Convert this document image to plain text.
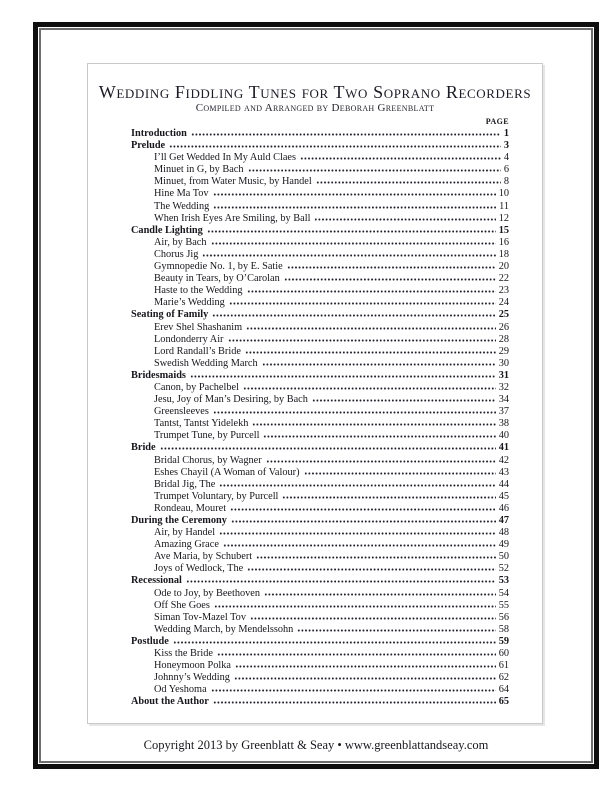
Wedding Fiddling Tunes for Two Soprano Recorders
Compiled and Arranged by Deborah Greenblatt
PAGE
Introduction	1
Prelude	3
I’ll Get Wedded In My Auld Claes	4
Minuet in G, by Bach	6
Minuet, from Water Music, by Handel	8
Hine Ma Tov	10
The Wedding	11
When Irish Eyes Are Smiling, by Ball	12
Candle Lighting	15
Air, by Bach	16
Chorus Jig	18
Gymnopedie No. 1, by E. Satie	20
Beauty in Tears, by O’Carolan	22
Haste to the Wedding	23
Marie’s Wedding	24
Seating of Family	25
Erev Shel Shashanim	26
Londonderry Air	28
Lord Randall’s Bride	29
Swedish Wedding March	30
Bridesmaids	31
Canon, by Pachelbel	32
Jesu, Joy of Man’s Desiring, by Bach	34
Greensleeves	37
Tantst, Tantst Yidelekh	38
Trumpet Tune, by Purcell	40
Bride	41
Bridal Chorus, by Wagner	42
Eshes Chayil (A Woman of Valour)	43
Bridal Jig, The	44
Trumpet Voluntary, by Purcell	45
Rondeau, Mouret	46
During the Ceremony	47
Air, by Handel	48
Amazing Grace	49
Ave Maria, by Schubert	50
Joys of Wedlock, The	52
Recessional	53
Ode to Joy, by Beethoven	54
Off She Goes	55
Siman Tov-Mazel Tov	56
Wedding March, by Mendelssohn	58
Postlude	59
Kiss the Bride	60
Honeymoon Polka	61
Johnny’s Wedding	62
Od Yeshoma	64
About the Author	65
Copyright 2013 by Greenblatt & Seay • www.greenblattandseay.com
